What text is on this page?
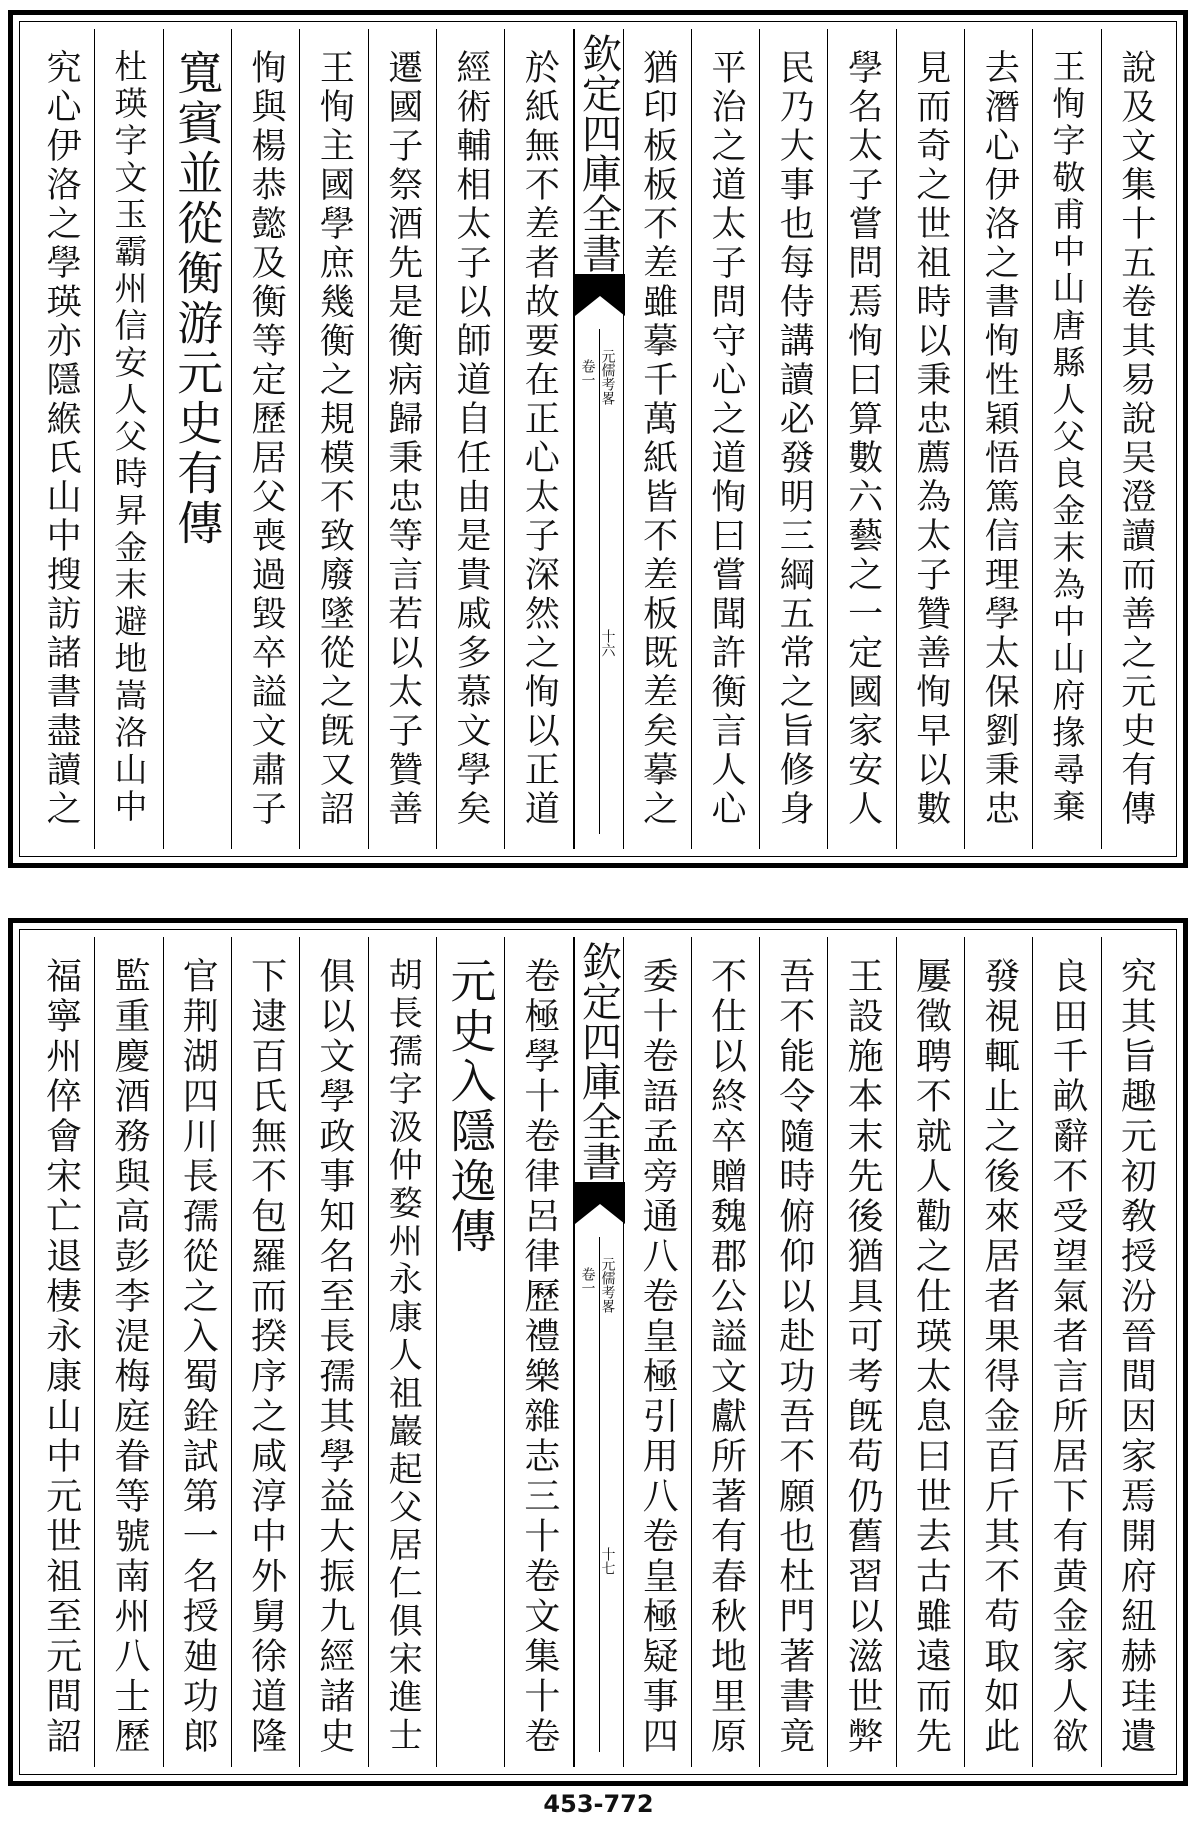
說及文集十五卷其易說吴澄讀而善之元史有傳
王恂字敬甫中山唐縣人父良金末為中山府掾尋棄
去潛心伊洛之書恂性穎悟篤信理學太保劉秉忠
見而奇之世祖時以秉忠薦為太子贊善恂早以數
學名太子嘗問焉恂曰算數六藝之一定國家安人
民乃大事也每侍講讀必發明三綱五常之旨修身
平治之道太子問守心之道恂曰嘗聞許衡言人心
猶印板板不差雖摹千萬紙皆不差板既差矣摹之
欽定四庫全書
元儒考畧
卷一
十六
於紙無不差者故要在正心太子深然之恂以正道
經術輔相太子以師道自任由是貴戚多慕文學矣
遷國子祭酒先是衡病歸秉忠等言若以太子贊善
王恂主國學庶幾衡之規模不致廢墜從之旣又詔
恂與楊恭懿及衡等定歷居父喪過毀卒謚文肅子
寬賓並從衡游元史有傳
杜瑛字文玉霸州信安人父時昇金末避地嵩洛山中
究心伊洛之學瑛亦隱緱氏山中搜訪諸書盡讀之
究其旨趣元初敎授汾晉間因家焉開府紐赫珪遺
良田千畝辭不受望氣者言所居下有黄金家人欲
發視輒止之後來居者果得金百斤其不苟取如此
屢徵聘不就人勸之仕瑛太息曰世去古雖遠而先
王設施本末先後猶具可考旣苟仍舊習以滋世弊
吾不能令隨時俯仰以赴功吾不願也杜門著書竟
不仕以終卒贈魏郡公謚文獻所著有春秋地里原
委十卷語孟旁通八卷皇極引用八卷皇極疑事四
欽定四庫全書
元儒考畧
卷一
十七
卷極學十卷律呂律歷禮樂雜志三十卷文集十卷
元史入隱逸傳
胡長孺字汲仲婺州永康人祖巖起父居仁俱宋進士
俱以文學政事知名至長孺其學益大振九經諸史
下逮百氏無不包羅而揆序之咸淳中外舅徐道隆
官荆湖四川長孺從之入蜀銓試第一名授廸功郎
監重慶酒務與高彭李湜梅庭眷等號南州八士歷
福寧州倅會宋亡退棲永康山中元世祖至元間詔
453-772
